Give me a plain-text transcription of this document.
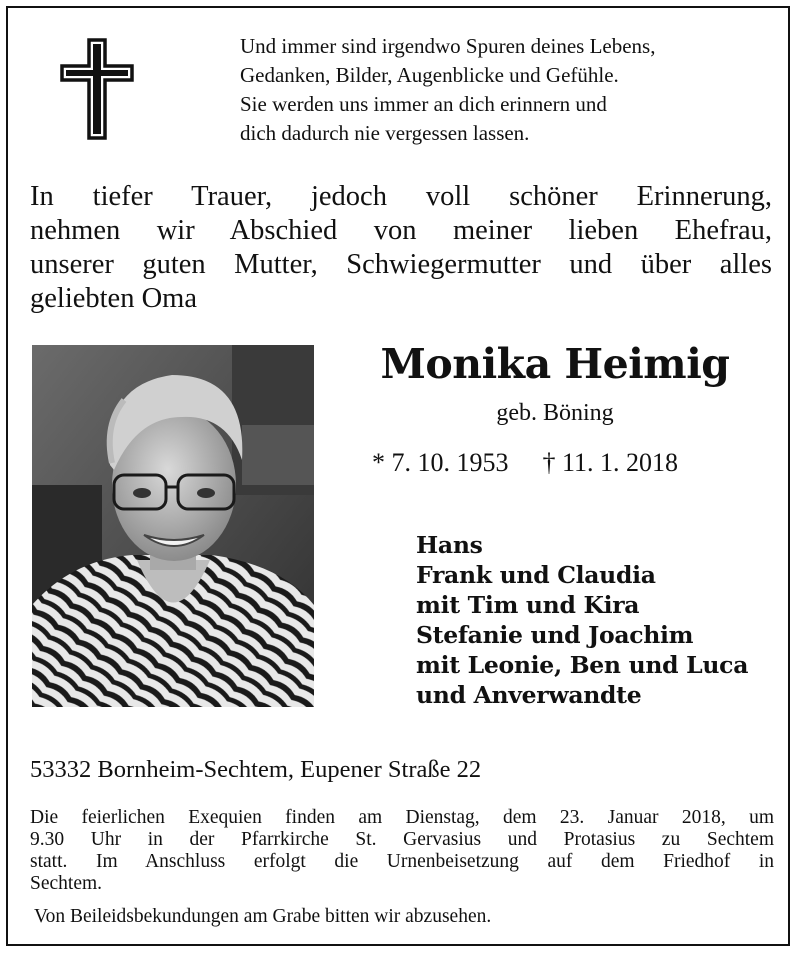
Und immer sind irgendwo Spuren deines Lebens,
Gedanken, Bilder, Augenblicke und Gefühle.
Sie werden uns immer an dich erinnern und
dich dadurch nie vergessen lassen.
In tiefer Trauer, jedoch voll schöner Erinnerung,
nehmen wir Abschied von meiner lieben Ehefrau,
unserer guten Mutter, Schwiegermutter und über alles
geliebten Oma
Monika Heimig
geb. Böning
* 7. 10. 1953 † 11. 1. 2018
Hans
Frank und Claudia
mit Tim und Kira
Stefanie und Joachim
mit Leonie, Ben und Luca
und Anverwandte
53332 Bornheim-Sechtem, Eupener Straße 22
Die feierlichen Exequien finden am Dienstag, dem 23. Januar 2018, um
9.30 Uhr in der Pfarrkirche St. Gervasius und Protasius zu Sechtem
statt. Im Anschluss erfolgt die Urnenbeisetzung auf dem Friedhof in
Sechtem.
Von Beileidsbekundungen am Grabe bitten wir abzusehen.
